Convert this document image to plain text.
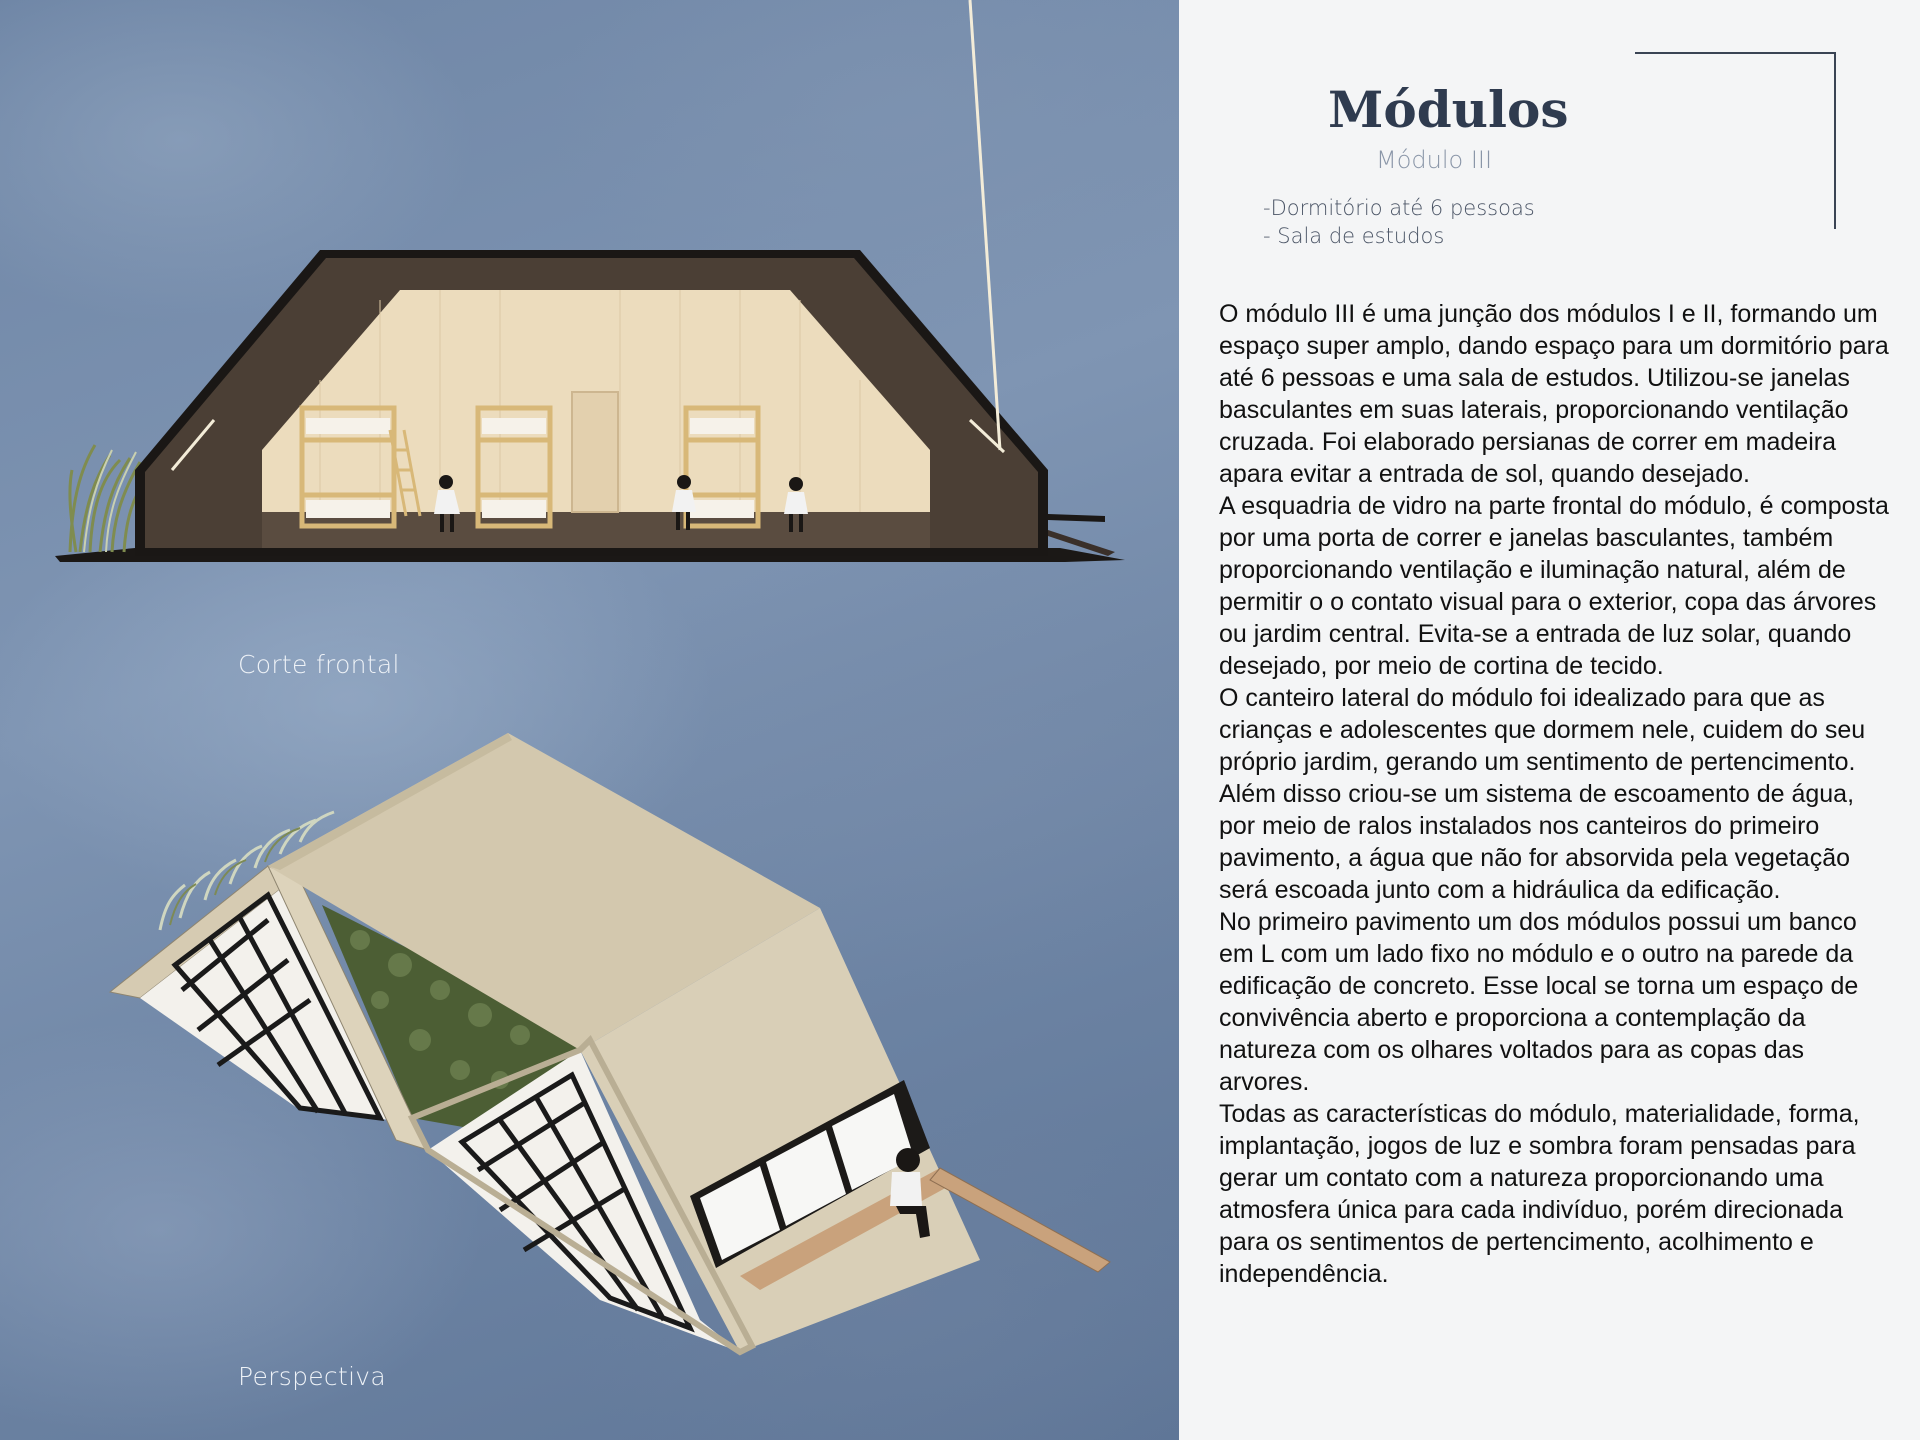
Corte frontal
Perspectiva
Módulos
Módulo III
-Dormitório até 6 pessoas
- Sala de estudos

O módulo III é uma junção dos módulos I e II, formando um espaço super amplo, dando espaço para um dormitório para até 6 pessoas e uma sala de estudos. Utilizou-se janelas basculantes em suas laterais, proporcionando ventilação cruzada. Foi elaborado persianas de correr em madeira apara evitar a entrada de sol, quando desejado.

A esquadria de vidro na parte frontal do módulo, é composta por uma porta de correr e janelas basculantes, também proporcionando ventilação e iluminação natural, além de permitir o o contato visual para o exterior, copa das árvores ou jardim central. Evita-se a entrada de luz solar, quando desejado, por meio de cortina de tecido.

O canteiro lateral do módulo foi idealizado para que as crianças e adolescentes que dormem nele, cuidem do seu próprio jardim, gerando um sentimento de pertencimento. Além disso criou-se um sistema de escoamento de água, por meio de ralos instalados nos canteiros do primeiro pavimento, a água que não for absorvida pela vegetação será escoada junto com a hidráulica da edificação.

No primeiro pavimento um dos módulos possui um banco em L com um lado fixo no módulo e o outro na parede da edificação de concreto. Esse local se torna um espaço de convivência aberto e proporciona a contemplação da natureza com os olhares voltados para as copas das arvores.

Todas as características do módulo, materialidade, forma, implantação, jogos de luz e sombra foram pensadas para gerar um contato com a natureza proporcionando uma atmosfera única para cada indivíduo, porém direcionada para os sentimentos de pertencimento, acolhimento e independência.
